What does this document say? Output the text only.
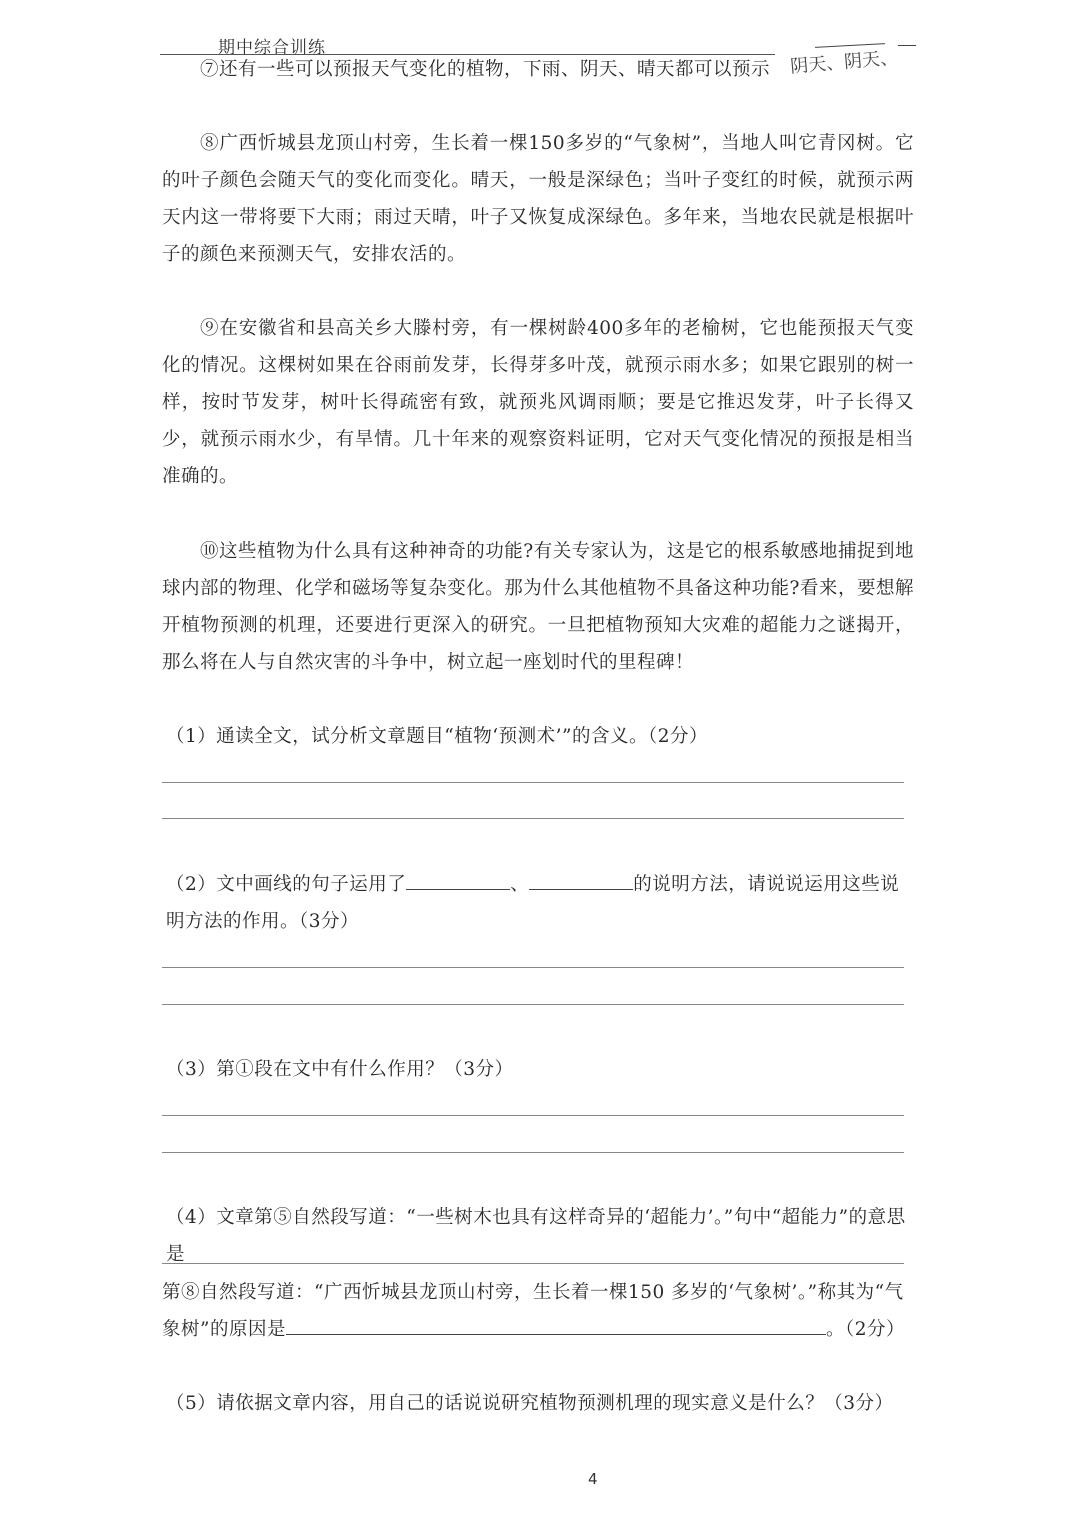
期中综合训练
⑦还有一些可以预报天气变化的植物，下雨、阴天、晴天都可以预示 阴天、阴天、

⑧广西忻城县龙顶山村旁，生长着一棵150多岁的“气象树”，当地人叫它青冈树。它的叶子颜色会随天气的变化而变化。晴天，一般是深绿色；当叶子变红的时候，就预示两天内这一带将要下大雨；雨过天晴，叶子又恢复成深绿色。多年来，当地农民就是根据叶子的颜色来预测天气，安排农活的。

⑨在安徽省和县高关乡大滕村旁，有一棵树龄400多年的老榆树，它也能预报天气变化的情况。这棵树如果在谷雨前发芽，长得芽多叶茂，就预示雨水多；如果它跟别的树一样，按时节发芽，树叶长得疏密有致，就预兆风调雨顺；要是它推迟发芽，叶子长得又少，就预示雨水少，有旱情。几十年来的观察资料证明，它对天气变化情况的预报是相当准确的。

⑩这些植物为什么具有这种神奇的功能?有关专家认为，这是它的根系敏感地捕捉到地球内部的物理、化学和磁场等复杂变化。那为什么其他植物不具备这种功能?看来，要想解开植物预测的机理，还要进行更深入的研究。一旦把植物预知大灾难的超能力之谜揭开，那么将在人与自然灾害的斗争中，树立起一座划时代的里程碑！

（1）通读全文，试分析文章题目“植物‘预测术’”的含义。（2分）

（2）文中画线的句子运用了	、	的说明方法，请说说运用这些说

明方法的作用。（3分）

（3）第①段在文中有什么作用？（3分）

（4）文章第⑤自然段写道：“一些树木也具有这样奇异的‘超能力’。”句中“超能力”的意思是

第⑧自然段写道：“广西忻城县龙顶山村旁，生长着一棵150 多岁的‘气象树’。”称其为“气

象树”的原因是	。（2分）

（5）请依据文章内容，用自己的话说说研究植物预测机理的现实意义是什么？（3分）

4
